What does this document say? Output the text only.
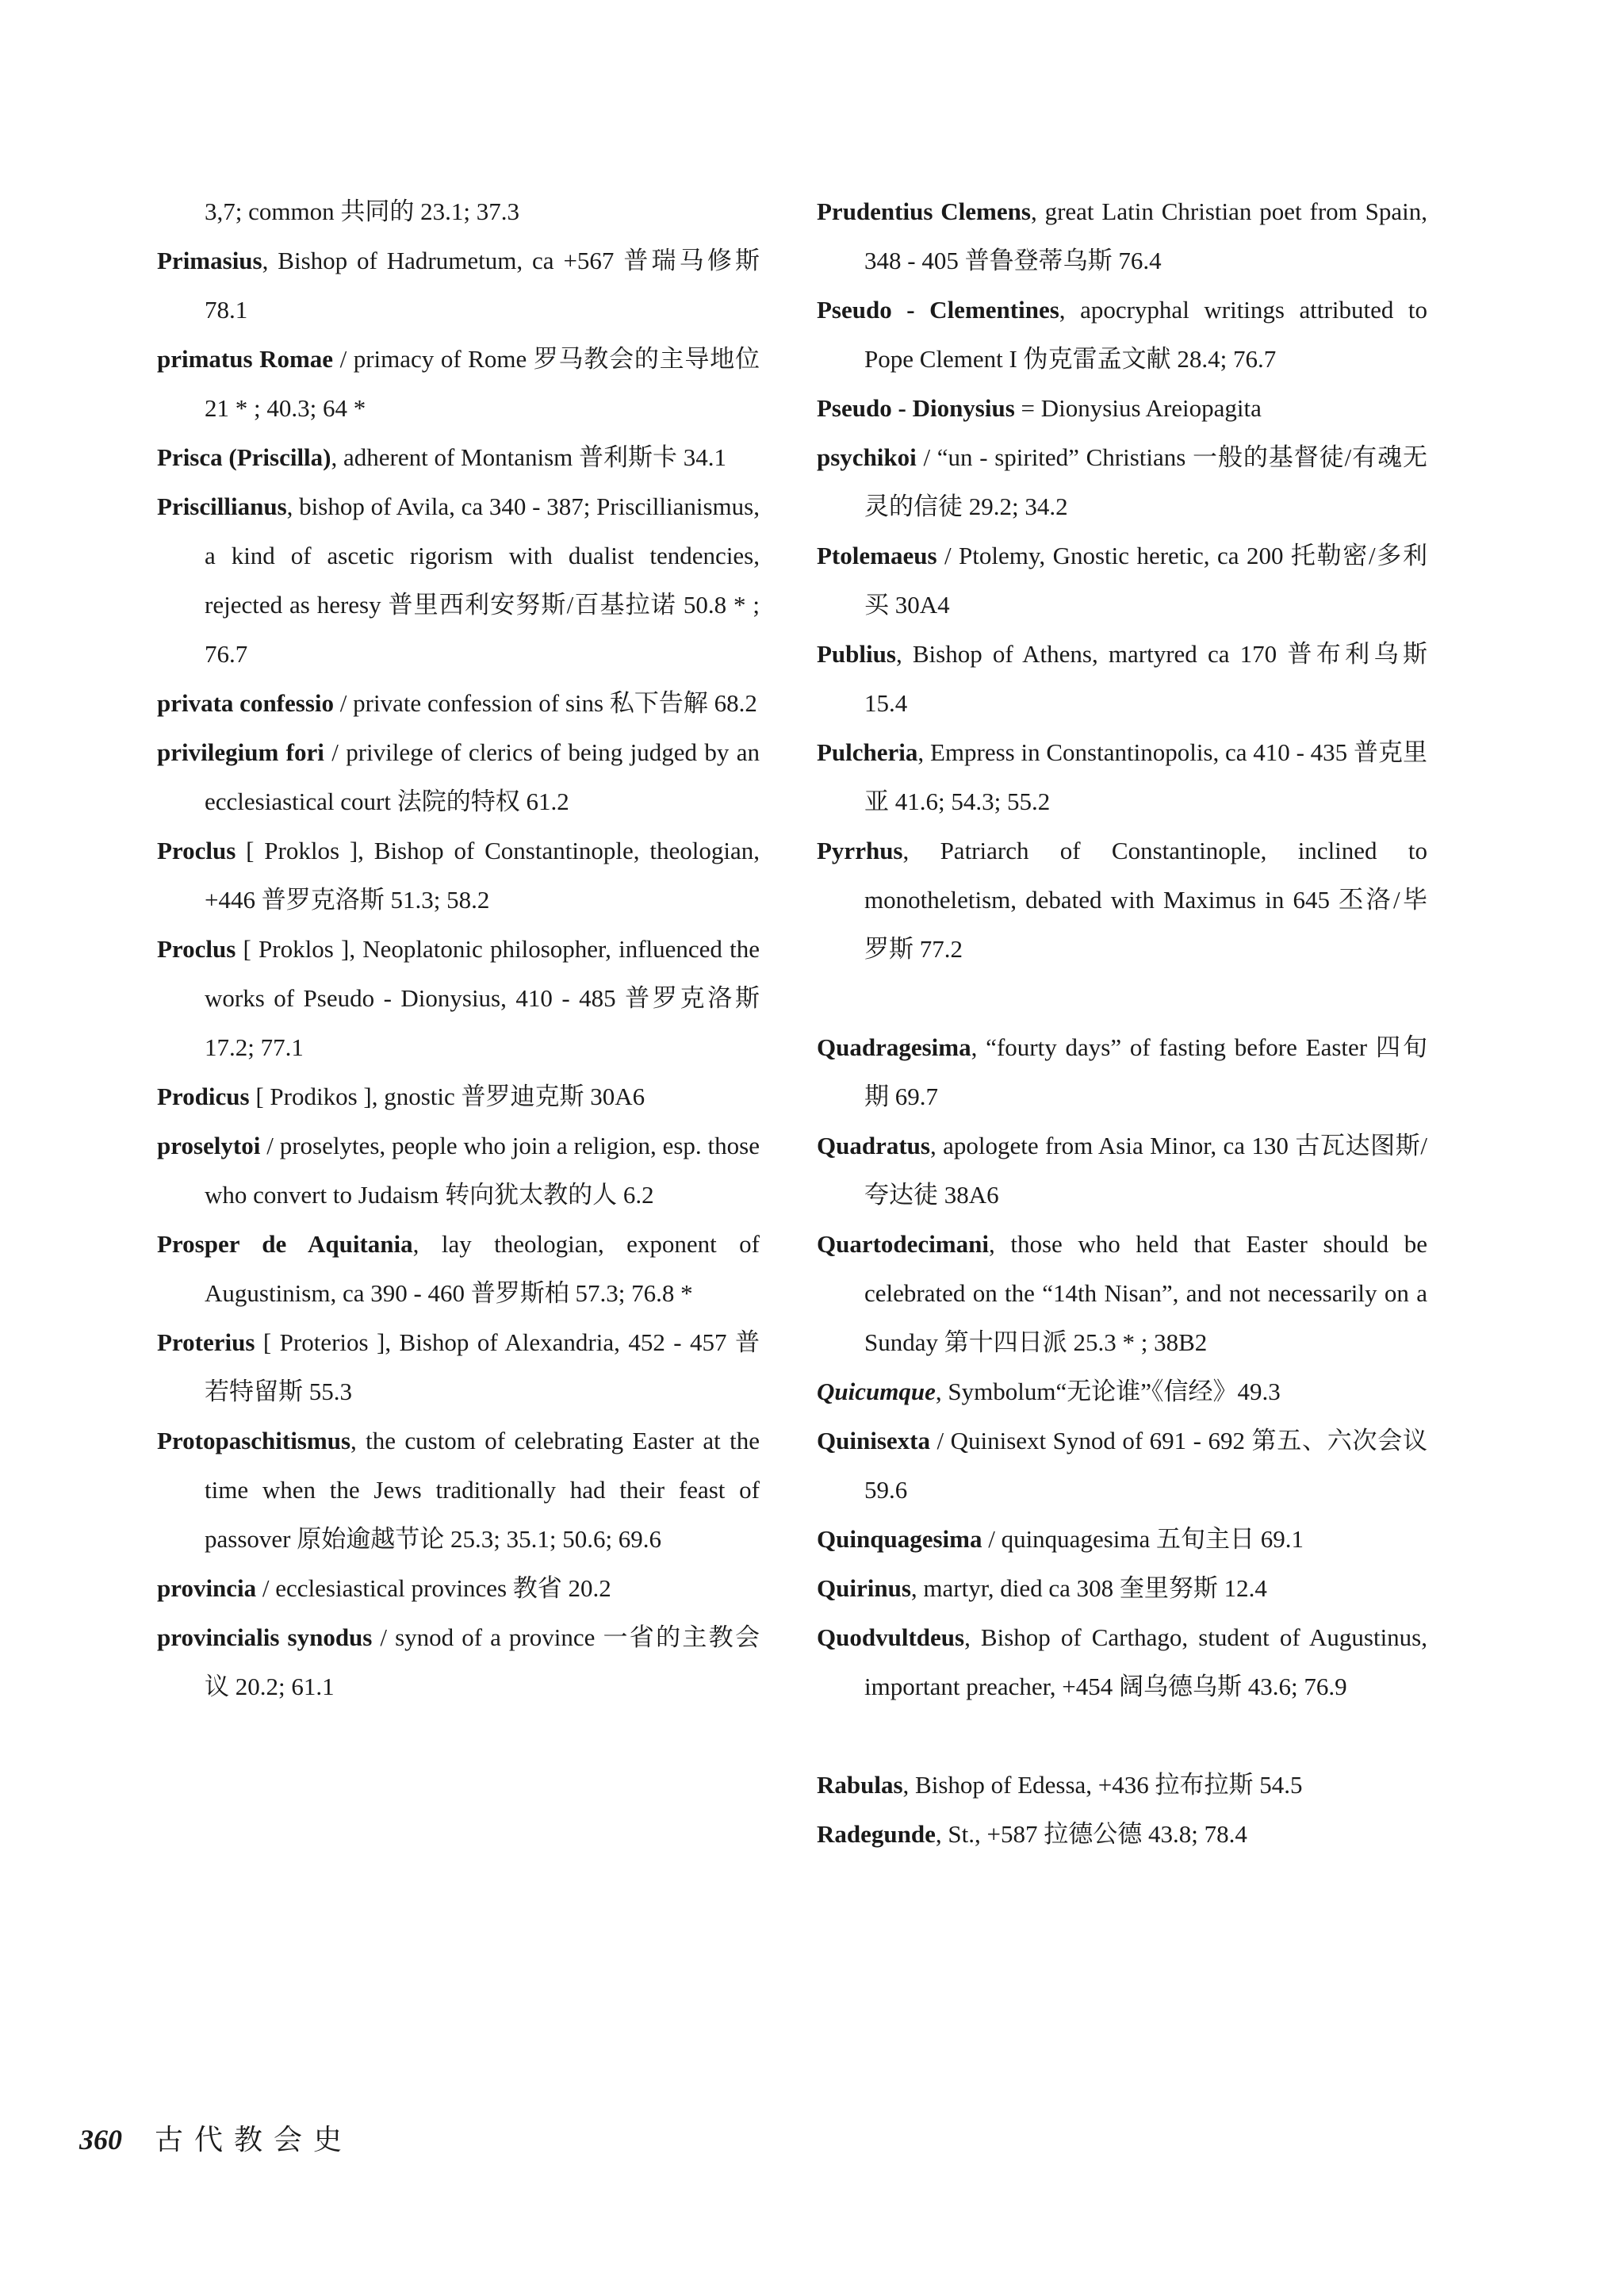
3,7; common 共同的 23.1; 37.3

Primasius, Bishop of Hadrumetum, ca +567 普瑞马修斯 78.1

primatus Romae / primacy of Rome 罗马教会的主导地位 21 * ; 40.3; 64 *

Prisca (Priscilla), adherent of Montanism 普利斯卡 34.1

Priscillianus, bishop of Avila, ca 340 - 387; Priscillianismus, a kind of ascetic rigorism with dualist tendencies, rejected as heresy 普里西利安努斯/百基拉诺 50.8 * ; 76.7

privata confessio / private confession of sins 私下告解 68.2

privilegium fori / privilege of clerics of being judged by an ecclesiastical court 法院的特权 61.2

Proclus [ Proklos ], Bishop of Constantinople, theologian, +446 普罗克洛斯 51.3; 58.2

Proclus [ Proklos ], Neoplatonic philosopher, influenced the works of Pseudo - Dionysius, 410 - 485 普罗克洛斯 17.2; 77.1

Prodicus [ Prodikos ], gnostic 普罗迪克斯 30A6

proselytoi / proselytes, people who join a religion, esp. those who convert to Judaism 转向犹太教的人 6.2

Prosper de Aquitania, lay theologian, exponent of Augustinism, ca 390 - 460 普罗斯柏 57.3; 76.8 *

Proterius [ Proterios ], Bishop of Alexandria, 452 - 457 普若特留斯 55.3

Protopaschitismus, the custom of celebrating Easter at the time when the Jews traditionally had their feast of passover 原始逾越节论 25.3; 35.1; 50.6; 69.6

provincia / ecclesiastical provinces 教省 20.2

provincialis synodus / synod of a province 一省的主教会议 20.2; 61.1

Prudentius Clemens, great Latin Christian poet from Spain, 348 - 405 普鲁登蒂乌斯 76.4

Pseudo - Clementines, apocryphal writings attributed to Pope Clement I 伪克雷孟文献 28.4; 76.7

Pseudo - Dionysius = Dionysius Areiopagita

psychikoi / “un - spirited” Christians 一般的基督徒/有魂无灵的信徒 29.2; 34.2

Ptolemaeus / Ptolemy, Gnostic heretic, ca 200 托勒密/多利买 30A4

Publius, Bishop of Athens, martyred ca 170 普布利乌斯 15.4

Pulcheria, Empress in Constantinopolis, ca 410 - 435 普克里亚 41.6; 54.3; 55.2

Pyrrhus, Patriarch of Constantinople, inclined to monotheletism, debated with Maximus in 645 丕洛/毕罗斯 77.2

Quadragesima, “fourty days” of fasting before Easter 四旬期 69.7

Quadratus, apologete from Asia Minor, ca 130 古瓦达图斯/夸达徒 38A6

Quartodecimani, those who held that Easter should be celebrated on the “14th Nisan”, and not necessarily on a Sunday 第十四日派 25.3 * ; 38B2

Quicumque, Symbolum“无论谁”《信经》49.3

Quinisexta / Quinisext Synod of 691 - 692 第五、六次会议 59.6

Quinquagesima / quinquagesima 五旬主日 69.1

Quirinus, martyr, died ca 308 奎里努斯 12.4

Quodvultdeus, Bishop of Carthago, student of Augustinus, important preacher, +454 阔乌德乌斯 43.6; 76.9

Rabulas, Bishop of Edessa, +436 拉布拉斯 54.5

Radegunde, St., +587 拉德公德 43.8; 78.4

360 古代教会史
